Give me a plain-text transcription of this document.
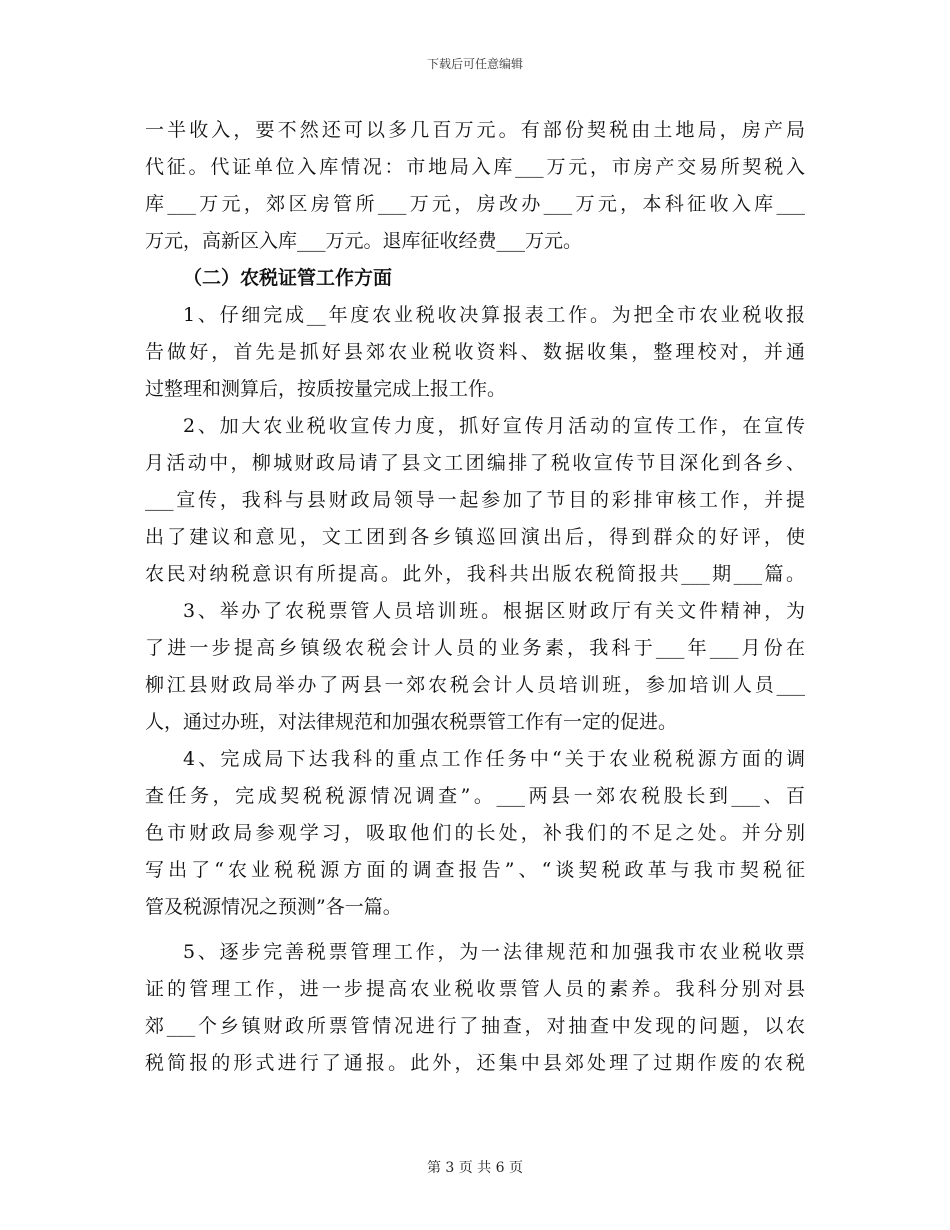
下载后可任意编辑
一半收入，要不然还可以多几百万元。有部份契税由土地局，房产局
代征。代证单位入库情况：市地局入库___万元，市房产交易所契税入
库___万元，郊区房管所___万元，房改办___万元，本科征收入库___
万元，高新区入库___万元。退库征收经费___万元。
（二）农税证管工作方面
1、仔细完成__年度农业税收决算报表工作。为把全市农业税收报
告做好，首先是抓好县郊农业税收资料、数据收集，整理校对，并通
过整理和测算后，按质按量完成上报工作。
2、加大农业税收宣传力度，抓好宣传月活动的宣传工作，在宣传
月活动中，柳城财政局请了县文工团编排了税收宣传节目深化到各乡、
___宣传，我科与县财政局领导一起参加了节目的彩排审核工作，并提
出了建议和意见，文工团到各乡镇巡回演出后，得到群众的好评，使
农民对纳税意识有所提高。此外，我科共出版农税简报共___期___篇。
3、举办了农税票管人员培训班。根据区财政厅有关文件精神，为
了进一步提高乡镇级农税会计人员的业务素，我科于___年___月份在
柳江县财政局举办了两县一郊农税会计人员培训班，参加培训人员___
人，通过办班，对法律规范和加强农税票管工作有一定的促进。
4、完成局下达我科的重点工作任务中“关于农业税税源方面的调
查任务，完成契税税源情况调查”。___两县一郊农税股长到___、百
色市财政局参观学习，吸取他们的长处，补我们的不足之处。并分别
写出了“农业税税源方面的调查报告”、“谈契税政革与我市契税征
管及税源情况之预测”各一篇。
5、逐步完善税票管理工作，为一法律规范和加强我市农业税收票
证的管理工作，进一步提高农业税收票管人员的素养。我科分别对县
郊___个乡镇财政所票管情况进行了抽查，对抽查中发现的问题，以农
税简报的形式进行了通报。此外，还集中县郊处理了过期作废的农税
第 3 页 共 6 页
